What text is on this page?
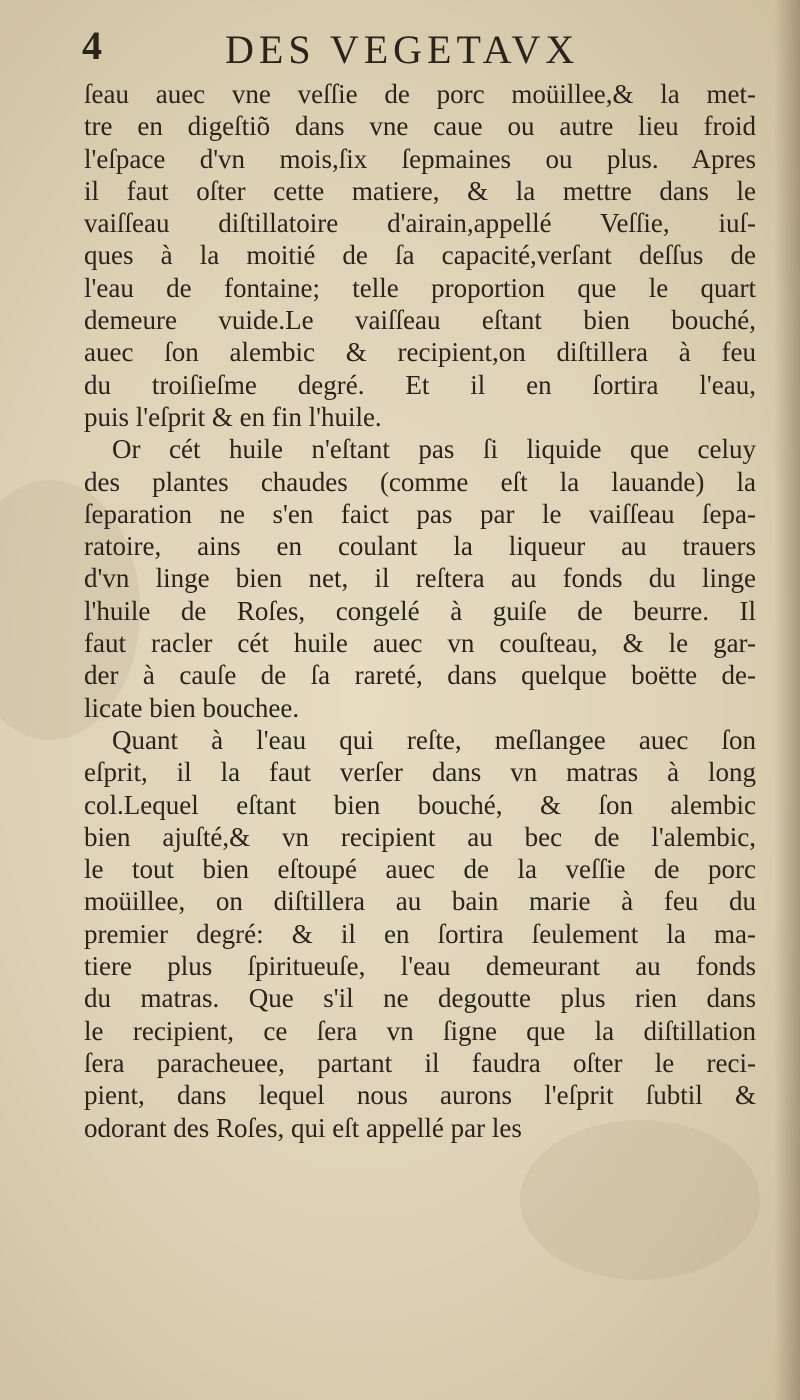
4	DES VEGETAVX
ſeau auec vne veſſie de porc moüillee,& la met-
tre en digeſtiõ dans vne caue ou autre lieu froid
l'eſpace d'vn mois,ſix ſepmaines ou plus. Apres
il faut oſter cette matiere, & la mettre dans le
vaiſſeau diſtillatoire d'airain,appellé Veſſie, iuſ-
ques à la moitié de ſa capacité,verſant deſſus de
l'eau de fontaine; telle proportion que le quart
demeure vuide.Le vaiſſeau eſtant bien bouché,
auec ſon alembic & recipient,on diſtillera à feu
du troiſieſme degré. Et il en ſortira l'eau,
puis l'eſprit & en fin l'huile.
Or cét huile n'eſtant pas ſi liquide que celuy
des plantes chaudes (comme eſt la lauande) la
ſeparation ne s'en faict pas par le vaiſſeau ſepa-
ratoire, ains en coulant la liqueur au trauers
d'vn linge bien net, il reſtera au fonds du linge
l'huile de Roſes, congelé à guiſe de beurre. Il
faut racler cét huile auec vn couſteau, & le gar-
der à cauſe de ſa rareté, dans quelque boëtte de-
licate bien bouchee.
Quant à l'eau qui reſte, meſlangee auec ſon
eſprit, il la faut verſer dans vn matras à long
col.Lequel eſtant bien bouché, & ſon alembic
bien ajuſté,& vn recipient au bec de l'alembic,
le tout bien eſtoupé auec de la veſſie de porc
moüillee, on diſtillera au bain marie à feu du
premier degré: & il en ſortira ſeulement la ma-
tiere plus ſpiritueuſe, l'eau demeurant au fonds
du matras. Que s'il ne degoutte plus rien dans
le recipient, ce ſera vn ſigne que la diſtillation
ſera paracheuee, partant il faudra oſter le reci-
pient, dans lequel nous aurons l'eſprit ſubtil &
odorant des Roſes, qui eſt appellé par les
